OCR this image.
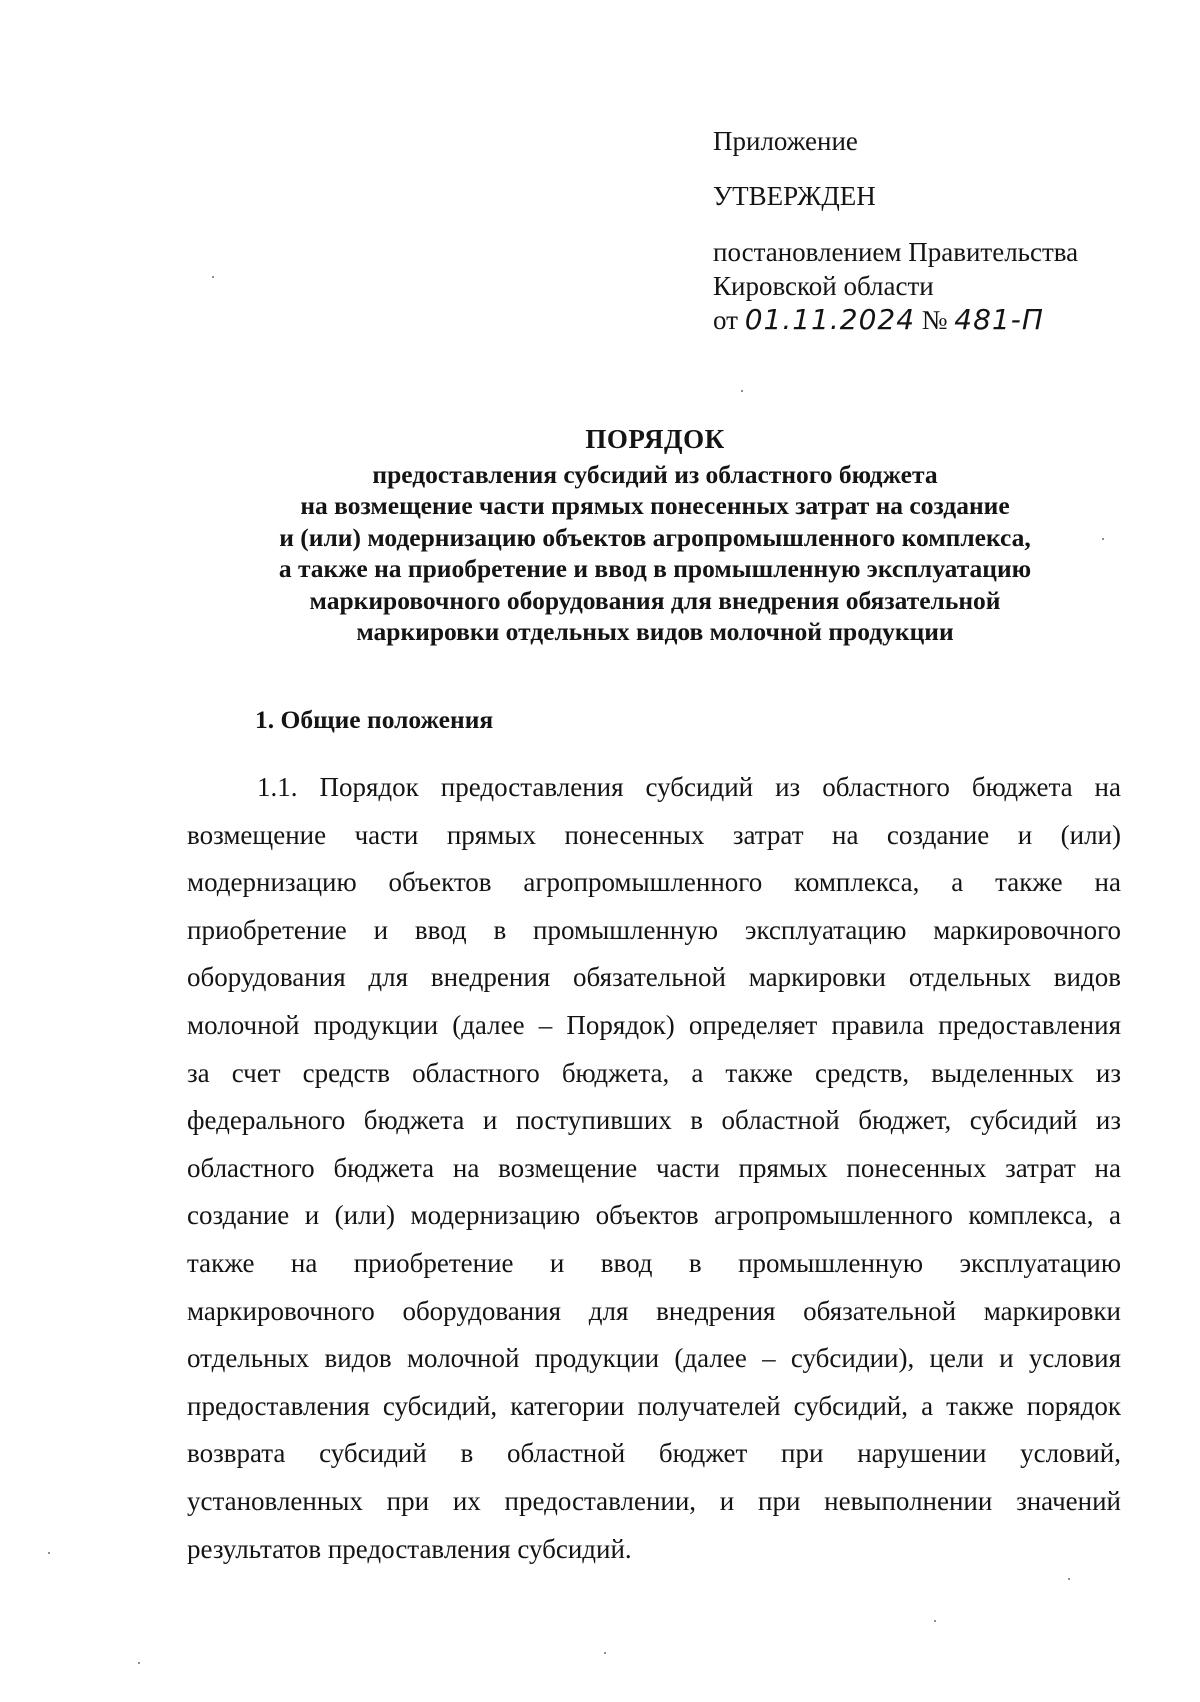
Приложение
УТВЕРЖДЕН
постановлением Правительства
Кировской области
от 01.11.2024 № 481-П
ПОРЯДОК
предоставления субсидий из областного бюджета
на возмещение части прямых понесенных затрат на создание
и (или) модернизацию объектов агропромышленного комплекса,
а также на приобретение и ввод в промышленную эксплуатацию
маркировочного оборудования для внедрения обязательной
маркировки отдельных видов молочной продукции
1. Общие положения
1.1. Порядок предоставления субсидий из областного бюджета на
возмещение части прямых понесенных затрат на создание и (или)
модернизацию объектов агропромышленного комплекса, а также на
приобретение и ввод в промышленную эксплуатацию маркировочного
оборудования для внедрения обязательной маркировки отдельных видов
молочной продукции (далее – Порядок) определяет правила предоставления
за счет средств областного бюджета, а также средств, выделенных из
федерального бюджета и поступивших в областной бюджет, субсидий из
областного бюджета на возмещение части прямых понесенных затрат на
создание и (или) модернизацию объектов агропромышленного комплекса, а
также на приобретение и ввод в промышленную эксплуатацию
маркировочного оборудования для внедрения обязательной маркировки
отдельных видов молочной продукции (далее – субсидии), цели и условия
предоставления субсидий, категории получателей субсидий, а также порядок
возврата субсидий в областной бюджет при нарушении условий,
установленных при их предоставлении, и при невыполнении значений
результатов предоставления субсидий.
